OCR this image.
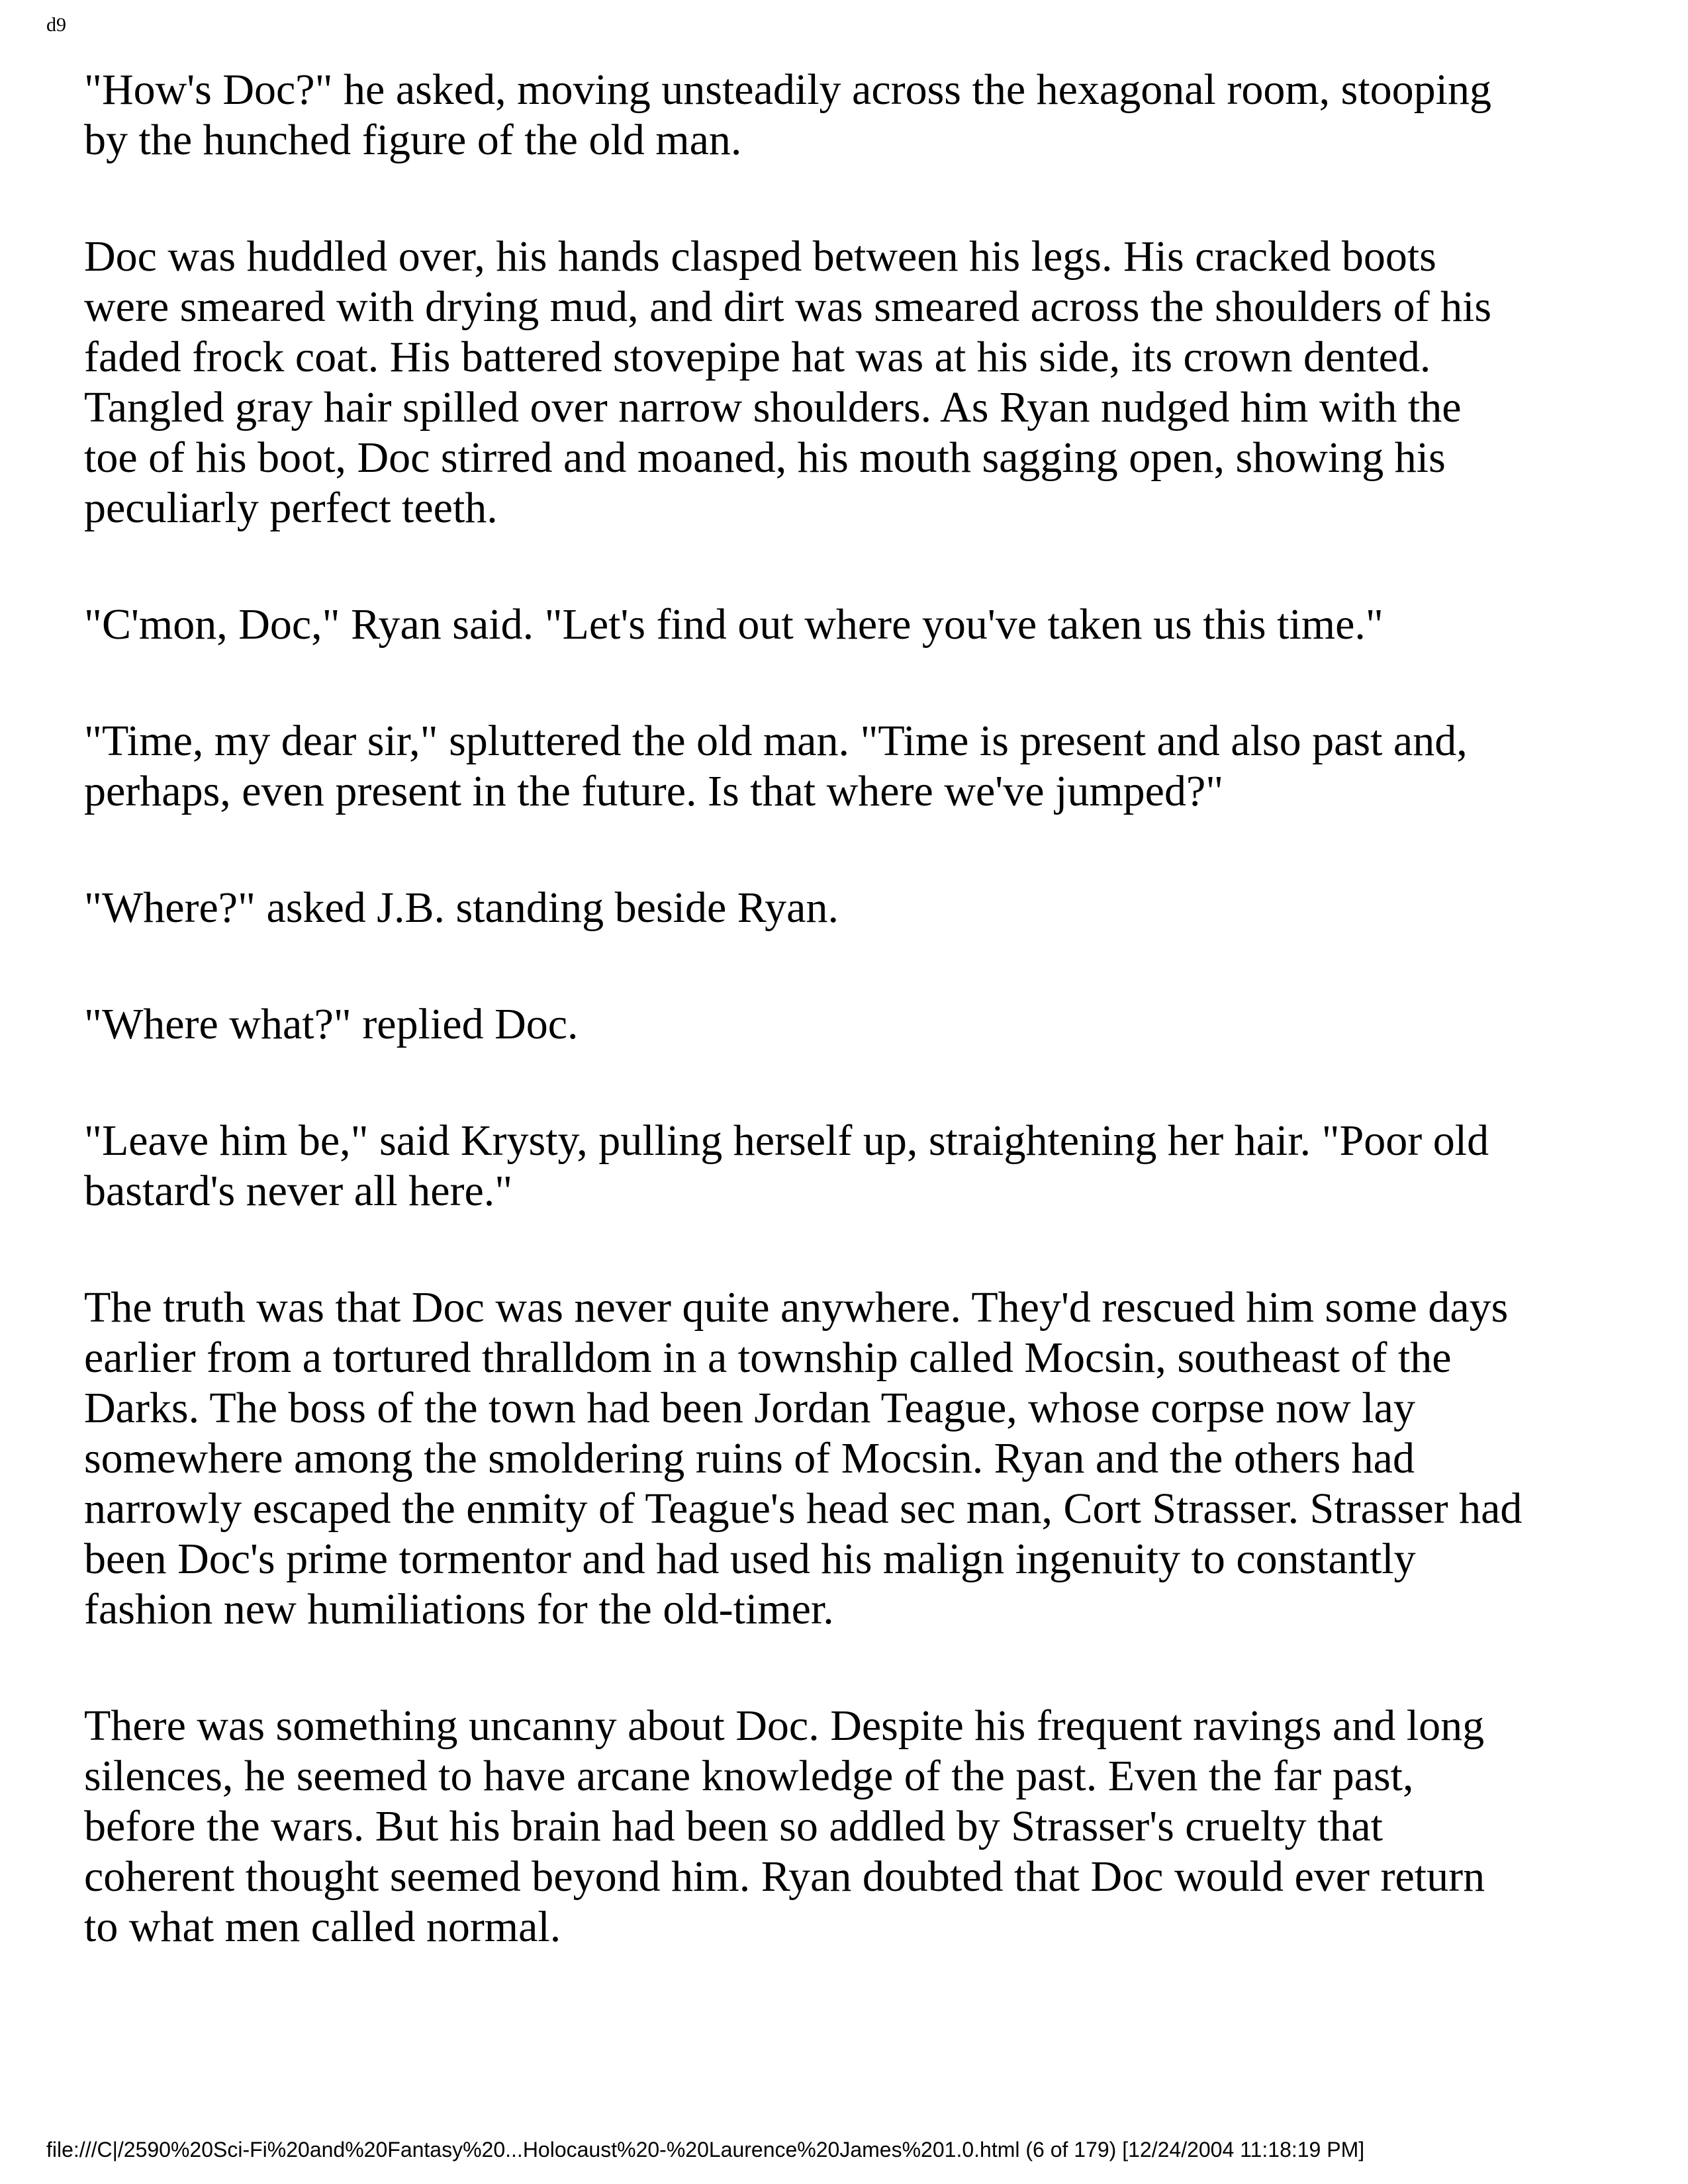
d9

"How's Doc?" he asked, moving unsteadily across the hexagonal room, stooping
by the hunched figure of the old man.

Doc was huddled over, his hands clasped between his legs. His cracked boots
were smeared with drying mud, and dirt was smeared across the shoulders of his
faded frock coat. His battered stovepipe hat was at his side, its crown dented.
Tangled gray hair spilled over narrow shoulders. As Ryan nudged him with the
toe of his boot, Doc stirred and moaned, his mouth sagging open, showing his
peculiarly perfect teeth.

"C'mon, Doc," Ryan said. "Let's find out where you've taken us this time."

"Time, my dear sir," spluttered the old man. "Time is present and also past and,
perhaps, even present in the future. Is that where we've jumped?"

"Where?" asked J.B. standing beside Ryan.

"Where what?" replied Doc.

"Leave him be," said Krysty, pulling herself up, straightening her hair. "Poor old
bastard's never all here."

The truth was that Doc was never quite anywhere. They'd rescued him some days
earlier from a tortured thralldom in a township called Mocsin, southeast of the
Darks. The boss of the town had been Jordan Teague, whose corpse now lay
somewhere among the smoldering ruins of Mocsin. Ryan and the others had
narrowly escaped the enmity of Teague's head sec man, Cort Strasser. Strasser had
been Doc's prime tormentor and had used his malign ingenuity to constantly
fashion new humiliations for the old-timer.

There was something uncanny about Doc. Despite his frequent ravings and long
silences, he seemed to have arcane knowledge of the past. Even the far past,
before the wars. But his brain had been so addled by Strasser's cruelty that
coherent thought seemed beyond him. Ryan doubted that Doc would ever return
to what men called normal.

file:///C|/2590%20Sci-Fi%20and%20Fantasy%20...Holocaust%20-%20Laurence%20James%201.0.html (6 of 179) [12/24/2004 11:18:19 PM]
